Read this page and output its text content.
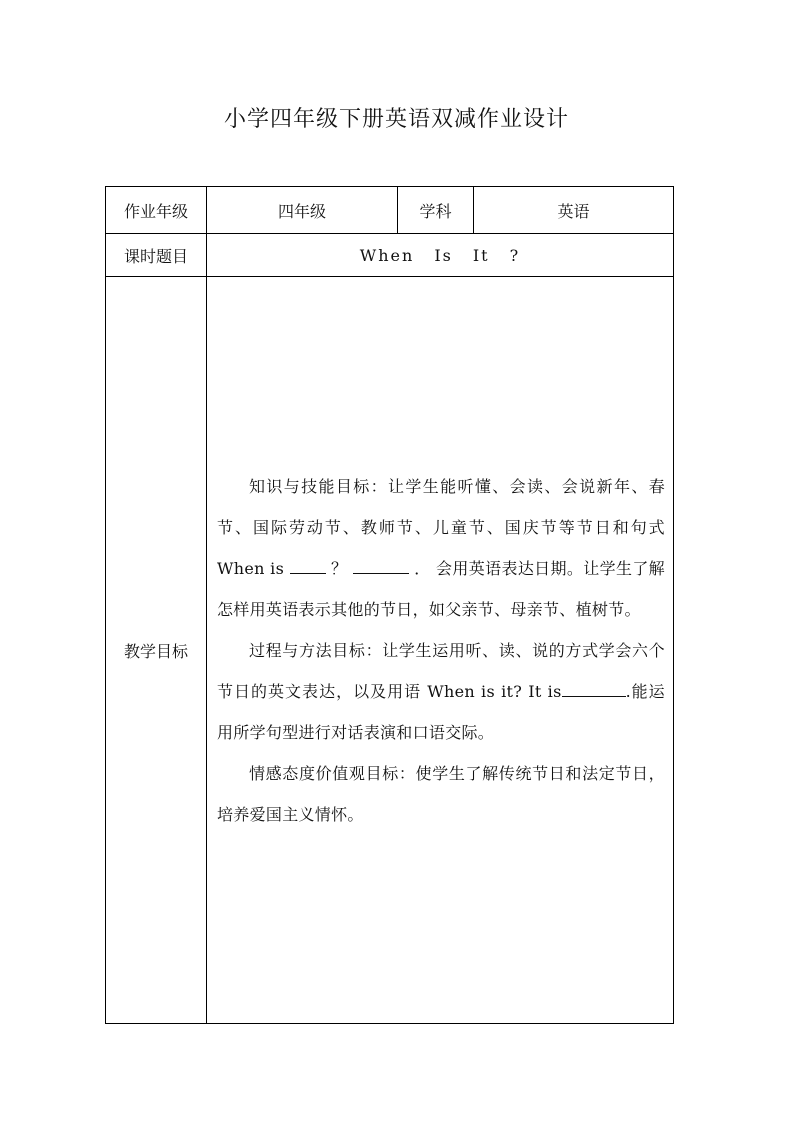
小学四年级下册英语双减作业设计
作业年级	四年级	学科	英语
课时题目	When Is It ?		
教学目标	知识与技能目标：让学生能听懂、会读、会说新年、春节、国际劳动节、教师节、儿童节、国庆节等节日和句式 When is  ？ ． 会用英语表达日期。让学生了解怎样用英语表示其他的节日，如父亲节、母亲节、植树节。

过程与方法目标：让学生运用听、读、说的方式学会六个节日的英文表达，以及用语 When is it? It is .能运用所学句型进行对话表演和口语交际。

情感态度价值观目标：使学生了解传统节日和法定节日，培养爱国主义情怀。		
